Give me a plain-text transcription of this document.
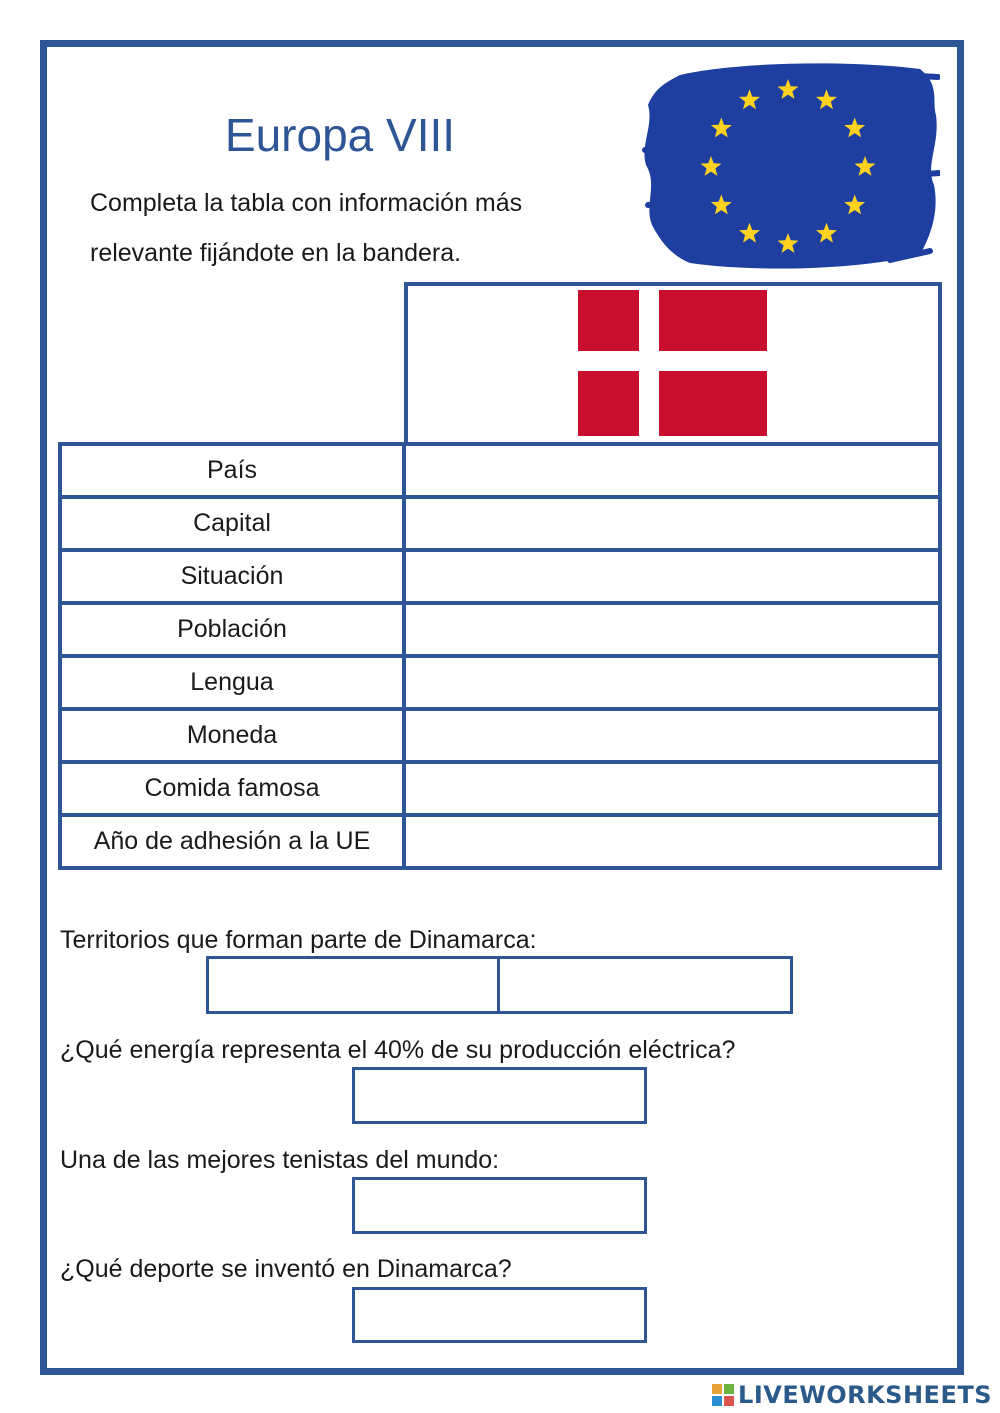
Europa VIII
Completa la tabla con información más
relevante fijándote en la bandera.
País	
Capital	
Situación	
Población	
Lengua	
Moneda	
Comida famosa	
Año de adhesión a la UE	
Territorios que forman parte de Dinamarca:
¿Qué energía representa el 40% de su producción eléctrica?
Una de las mejores tenistas del mundo:
¿Qué deporte se inventó en Dinamarca?
LIVEWORKSHEETS
